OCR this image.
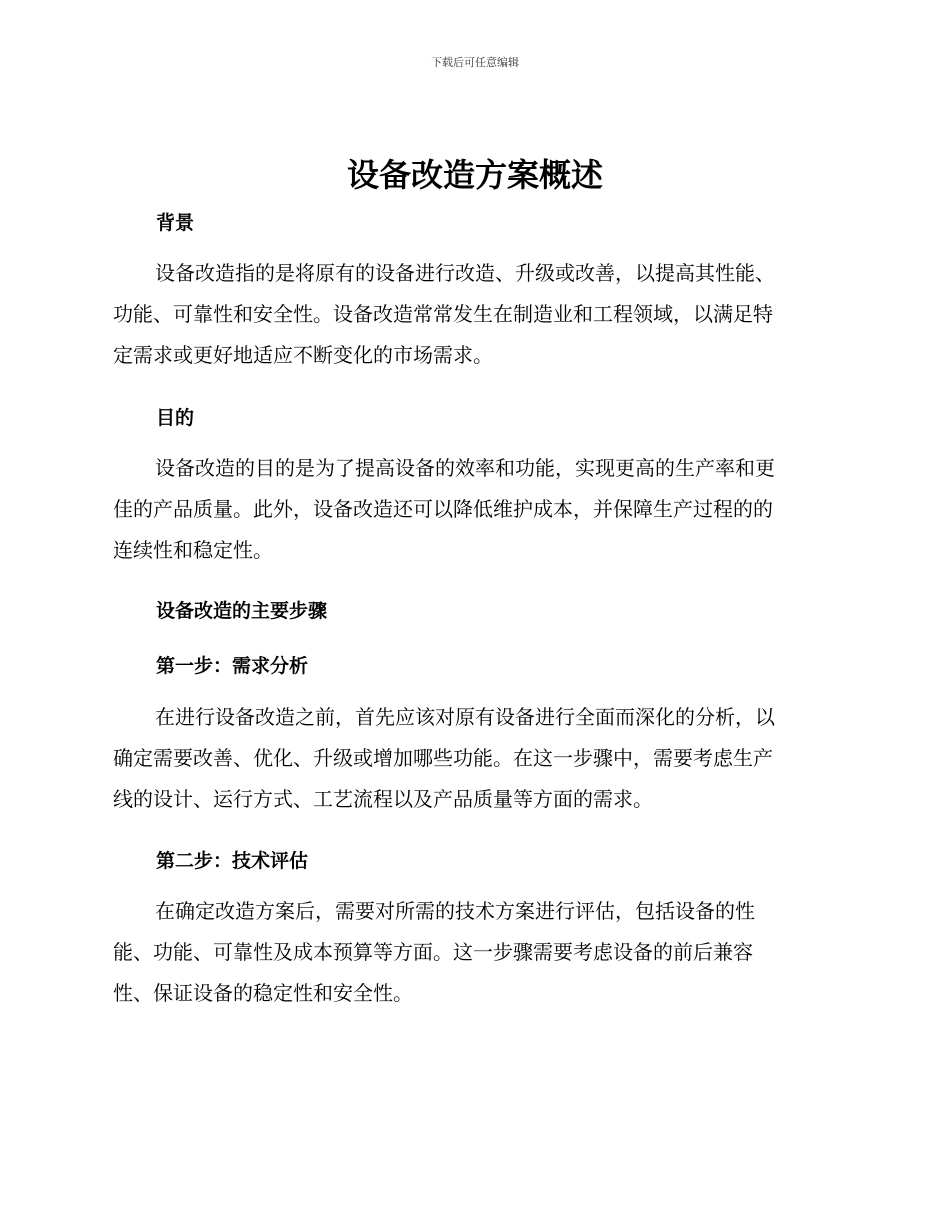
下载后可任意编辑
设备改造方案概述
背景

设备改造指的是将原有的设备进行改造、升级或改善，以提高其性能、
功能、可靠性和安全性。设备改造常常发生在制造业和工程领域，以满足特
定需求或更好地适应不断变化的市场需求。

目的

设备改造的目的是为了提高设备的效率和功能，实现更高的生产率和更
佳的产品质量。此外，设备改造还可以降低维护成本，并保障生产过程的的
连续性和稳定性。

设备改造的主要步骤
第一步：需求分析

在进行设备改造之前，首先应该对原有设备进行全面而深化的分析，以
确定需要改善、优化、升级或增加哪些功能。在这一步骤中，需要考虑生产
线的设计、运行方式、工艺流程以及产品质量等方面的需求。

第二步：技术评估

在确定改造方案后，需要对所需的技术方案进行评估，包括设备的性
能、功能、可靠性及成本预算等方面。这一步骤需要考虑设备的前后兼容
性、保证设备的稳定性和安全性。
